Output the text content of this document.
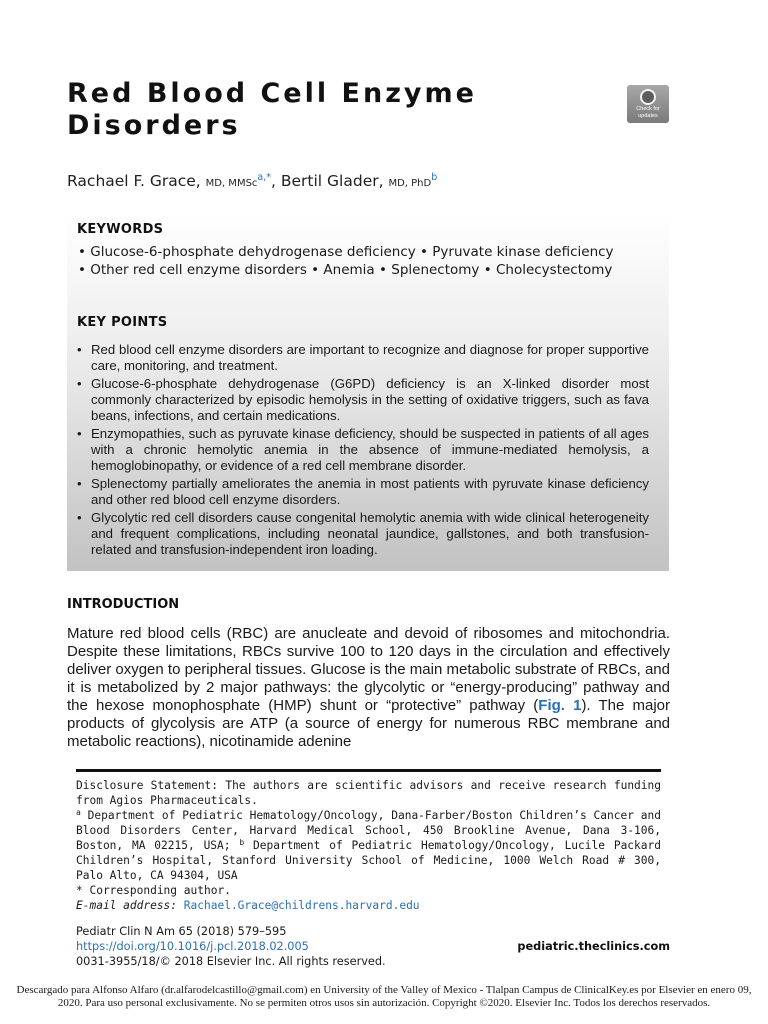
Red Blood Cell Enzyme
Disorders
Check for
updates
Rachael F. Grace, MD, MMSc$^{a,*}$, Bertil Glader, MD, PhD$^b$
KEYWORDS
• Glucose-6-phosphate dehydrogenase deficiency • Pyruvate kinase deficiency
• Other red cell enzyme disorders • Anemia • Splenectomy • Cholecystectomy
KEY POINTS
• Red blood cell enzyme disorders are important to recognize and diagnose for proper supportive care, monitoring, and treatment.
• Glucose-6-phosphate dehydrogenase (G6PD) deficiency is an X-linked disorder most commonly characterized by episodic hemolysis in the setting of oxidative triggers, such as fava beans, infections, and certain medications.
• Enzymopathies, such as pyruvate kinase deficiency, should be suspected in patients of all ages with a chronic hemolytic anemia in the absence of immune-mediated hemolysis, a hemoglobinopathy, or evidence of a red cell membrane disorder.
• Splenectomy partially ameliorates the anemia in most patients with pyruvate kinase deficiency and other red blood cell enzyme disorders.
• Glycolytic red cell disorders cause congenital hemolytic anemia with wide clinical heterogeneity and frequent complications, including neonatal jaundice, gallstones, and both transfusion-related and transfusion-independent iron loading.
INTRODUCTION

Mature red blood cells (RBC) are anucleate and devoid of ribosomes and mitochondria. Despite these limitations, RBCs survive 100 to 120 days in the circulation and effectively deliver oxygen to peripheral tissues. Glucose is the main metabolic substrate of RBCs, and it is metabolized by 2 major pathways: the glycolytic or “energy-producing” pathway and the hexose monophosphate (HMP) shunt or “protective” pathway (Fig. 1). The major products of glycolysis are ATP (a source of energy for numerous RBC membrane and metabolic reactions), nicotinamide adenine

Disclosure Statement: The authors are scientific advisors and receive research funding from Agios Pharmaceuticals.

$^a$ Department of Pediatric Hematology/Oncology, Dana-Farber/Boston Children’s Cancer and Blood Disorders Center, Harvard Medical School, 450 Brookline Avenue, Dana 3-106, Boston, MA 02215, USA; $^b$ Department of Pediatric Hematology/Oncology, Lucile Packard Children’s Hospital, Stanford University School of Medicine, 1000 Welch Road # 300, Palo Alto, CA 94304, USA

* Corresponding author.

E-mail address: Rachael.Grace@childrens.harvard.edu

Pediatr Clin N Am 65 (2018) 579–595

https://doi.org/10.1016/j.pcl.2018.02.005

0031-3955/18/© 2018 Elsevier Inc. All rights reserved.

pediatric.theclinics.com
Descargado para Alfonso Alfaro (dr.alfarodelcastillo@gmail.com) en University of the Valley of Mexico - Tlalpan Campus de ClinicalKey.es por Elsevier en enero 09, 2020. Para uso personal exclusivamente. No se permiten otros usos sin autorización. Copyright ©2020. Elsevier Inc. Todos los derechos reservados.
